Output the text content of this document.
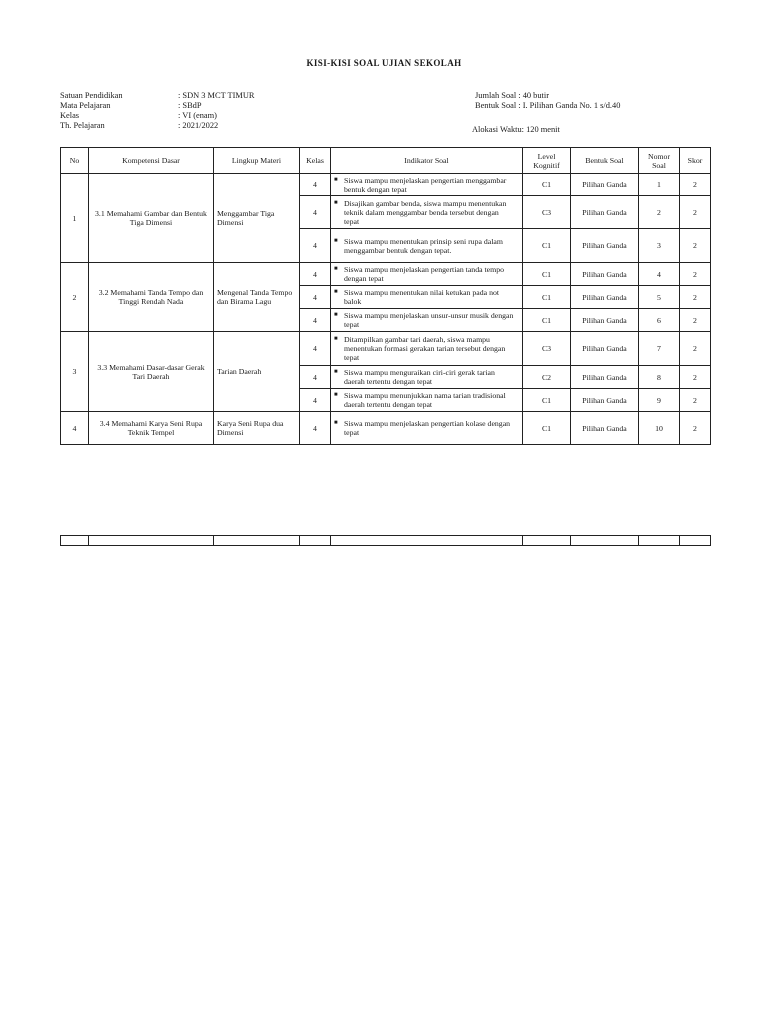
KISI-KISI SOAL UJIAN SEKOLAH
Satuan Pendidikan	: SDN 3 MCT TIMUR
Mata Pelajaran	: SBdP
Kelas	: VI (enam)
Th. Pelajaran	: 2021/2022
Jumlah Soal : 40 butir
Bentuk Soal : I. Pilihan Ganda No. 1 s/d.40
Alokasi Waktu: 120 menit
No	Kompetensi Dasar	Lingkup Materi	Kelas	Indikator Soal	Level Kognitif	Bentuk Soal	Nomor Soal	Skor
1	3.1 Memahami Gambar dan Bentuk Tiga Dimensi	Menggambar Tiga Dimensi	4	■ Siswa mampu menjelaskan pengertian menggambar bentuk dengan tepat	C1	Pilihan Ganda	1	2
			4	■ Disajikan gambar benda, siswa mampu menentukan teknik dalam menggambar benda tersebut dengan tepat	C3	Pilihan Ganda	2	2
			4	■ Siswa mampu menentukan prinsip seni rupa dalam menggambar bentuk dengan tepat.	C1	Pilihan Ganda	3	2
2	3.2 Memahami Tanda Tempo dan Tinggi Rendah Nada	Mengenal Tanda Tempo dan Birama Lagu	4	■ Siswa mampu menjelaskan pengertian tanda tempo dengan tepat	C1	Pilihan Ganda	4	2
			4	■ Siswa mampu menentukan nilai ketukan pada not balok	C1	Pilihan Ganda	5	2
			4	■ Siswa mampu menjelaskan unsur-unsur musik dengan tepat	C1	Pilihan Ganda	6	2
3	3.3 Memahami Dasar-dasar Gerak Tari Daerah	Tarian Daerah	4	■ Ditampilkan gambar tari daerah, siswa mampu menentukan formasi gerakan tarian tersebut dengan tepat	C3	Pilihan Ganda	7	2
			4	■ Siswa mampu menguraikan ciri-ciri gerak tarian daerah tertentu dengan tepat	C2	Pilihan Ganda	8	2
			4	■ Siswa mampu menunjukkan nama tarian tradisional daerah tertentu dengan tepat	C1	Pilihan Ganda	9	2
4	3.4 Memahami Karya Seni Rupa Teknik Tempel	Karya Seni Rupa dua Dimensi	4	■ Siswa mampu menjelaskan pengertian kolase dengan tepat	C1	Pilihan Ganda	10	2
